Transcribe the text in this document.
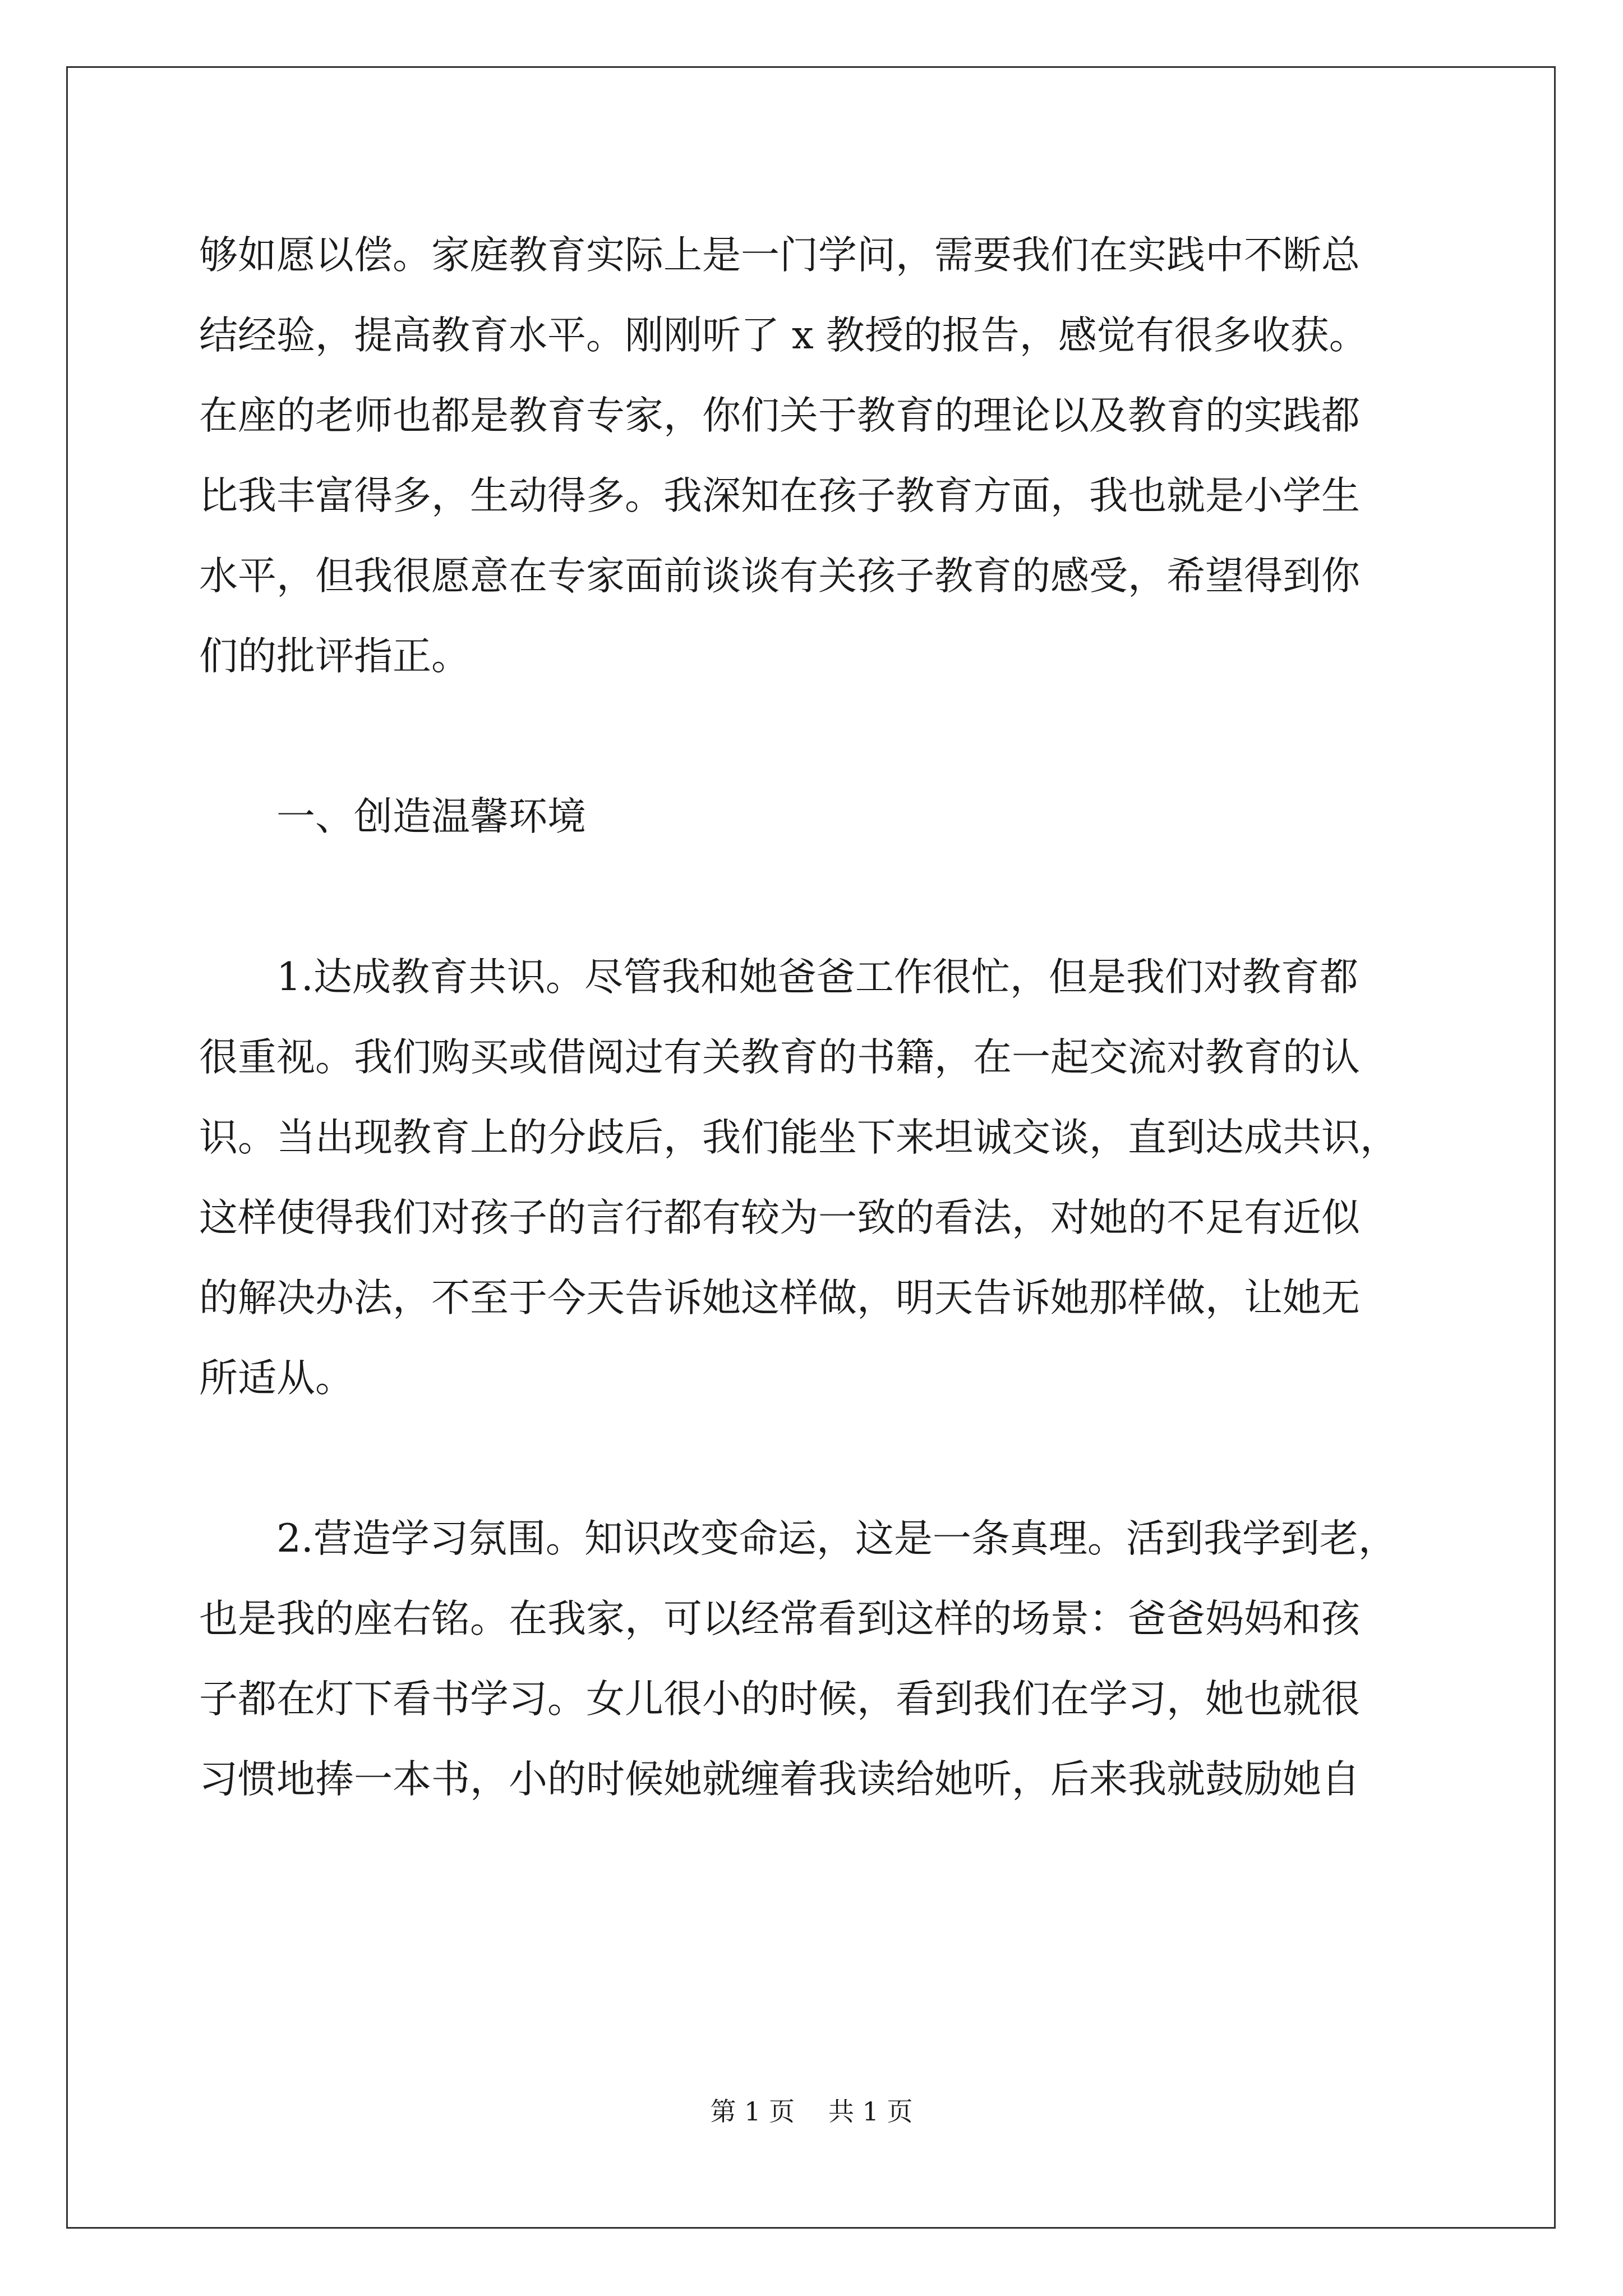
够如愿以偿。家庭教育实际上是一门学问，需要我们在实践中不断总
结经验，提高教育水平。刚刚听了 x 教授的报告，感觉有很多收获。
在座的老师也都是教育专家，你们关于教育的理论以及教育的实践都
比我丰富得多，生动得多。我深知在孩子教育方面，我也就是小学生
水平，但我很愿意在专家面前谈谈有关孩子教育的感受，希望得到你
们的批评指正。
　　一、创造温馨环境
　　1.达成教育共识。尽管我和她爸爸工作很忙，但是我们对教育都
很重视。我们购买或借阅过有关教育的书籍，在一起交流对教育的认
识。当出现教育上的分歧后，我们能坐下来坦诚交谈，直到达成共识，
这样使得我们对孩子的言行都有较为一致的看法，对她的不足有近似
的解决办法，不至于今天告诉她这样做，明天告诉她那样做，让她无
所适从。
　　2.营造学习氛围。知识改变命运，这是一条真理。活到我学到老，
也是我的座右铭。在我家，可以经常看到这样的场景：爸爸妈妈和孩
子都在灯下看书学习。女儿很小的时候，看到我们在学习，她也就很
习惯地捧一本书，小的时候她就缠着我读给她听，后来我就鼓励她自
第 1 页 共 1 页
